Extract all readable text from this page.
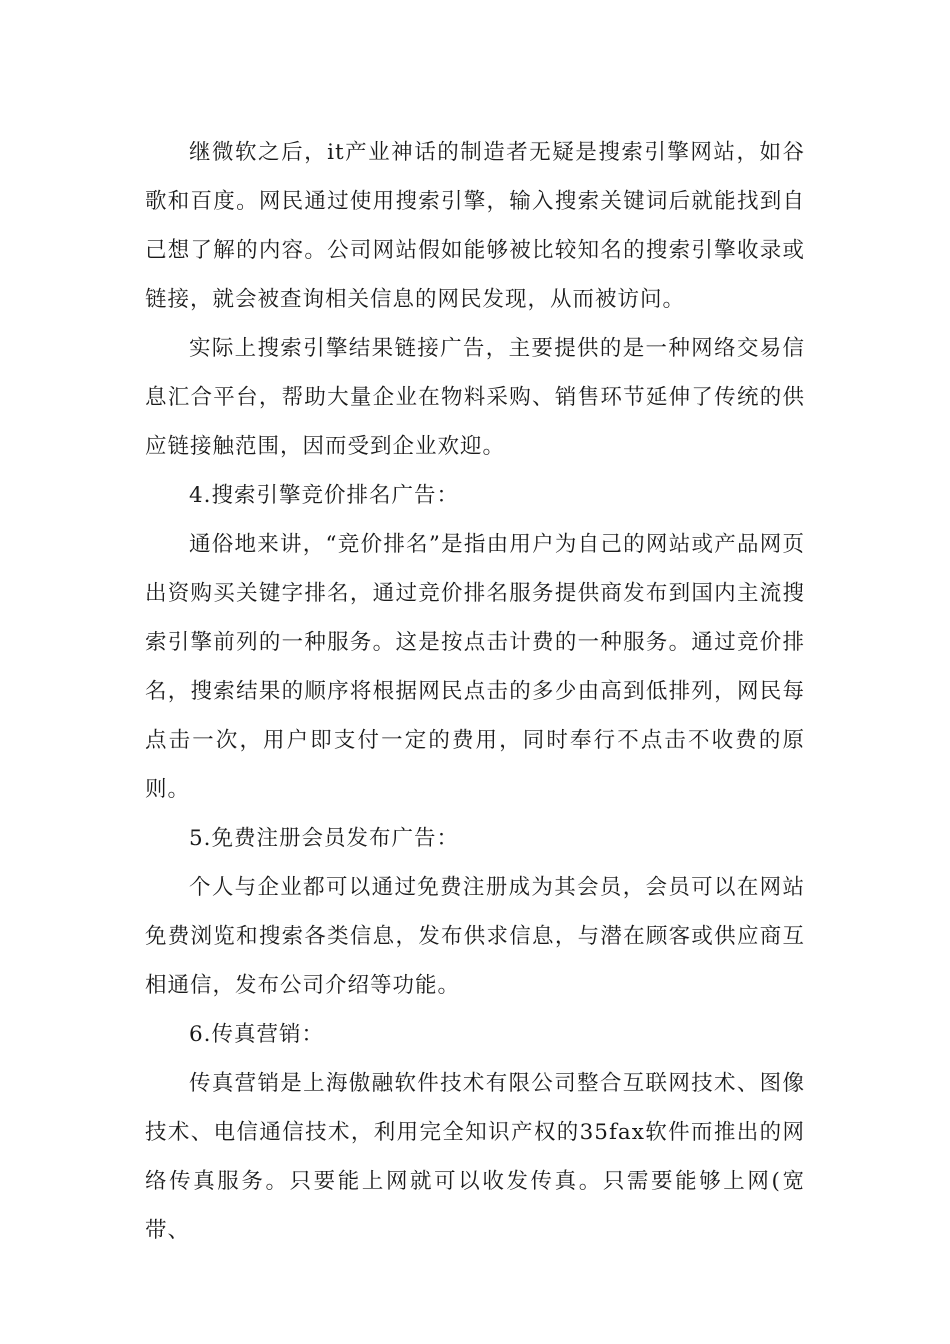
继微软之后，it产业神话的制造者无疑是搜索引擎网站，如谷歌和百度。网民通过使用搜索引擎，输入搜索关键词后就能找到自己想了解的内容。公司网站假如能够被比较知名的搜索引擎收录或链接，就会被查询相关信息的网民发现，从而被访问。

实际上搜索引擎结果链接广告，主要提供的是一种网络交易信息汇合平台，帮助大量企业在物料采购、销售环节延伸了传统的供应链接触范围，因而受到企业欢迎。

4.搜索引擎竞价排名广告：

通俗地来讲，“竞价排名”是指由用户为自己的网站或产品网页出资购买关键字排名，通过竞价排名服务提供商发布到国内主流搜索引擎前列的一种服务。这是按点击计费的一种服务。通过竞价排名，搜索结果的顺序将根据网民点击的多少由高到低排列，网民每点击一次，用户即支付一定的费用，同时奉行不点击不收费的原则。

5.免费注册会员发布广告：

个人与企业都可以通过免费注册成为其会员，会员可以在网站免费浏览和搜索各类信息，发布供求信息，与潜在顾客或供应商互相通信，发布公司介绍等功能。

6.传真营销：

传真营销是上海傲融软件技术有限公司整合互联网技术、图像技术、电信通信技术，利用完全知识产权的35fax软件而推出的网络传真服务。只要能上网就可以收发传真。只需要能够上网(宽带、
